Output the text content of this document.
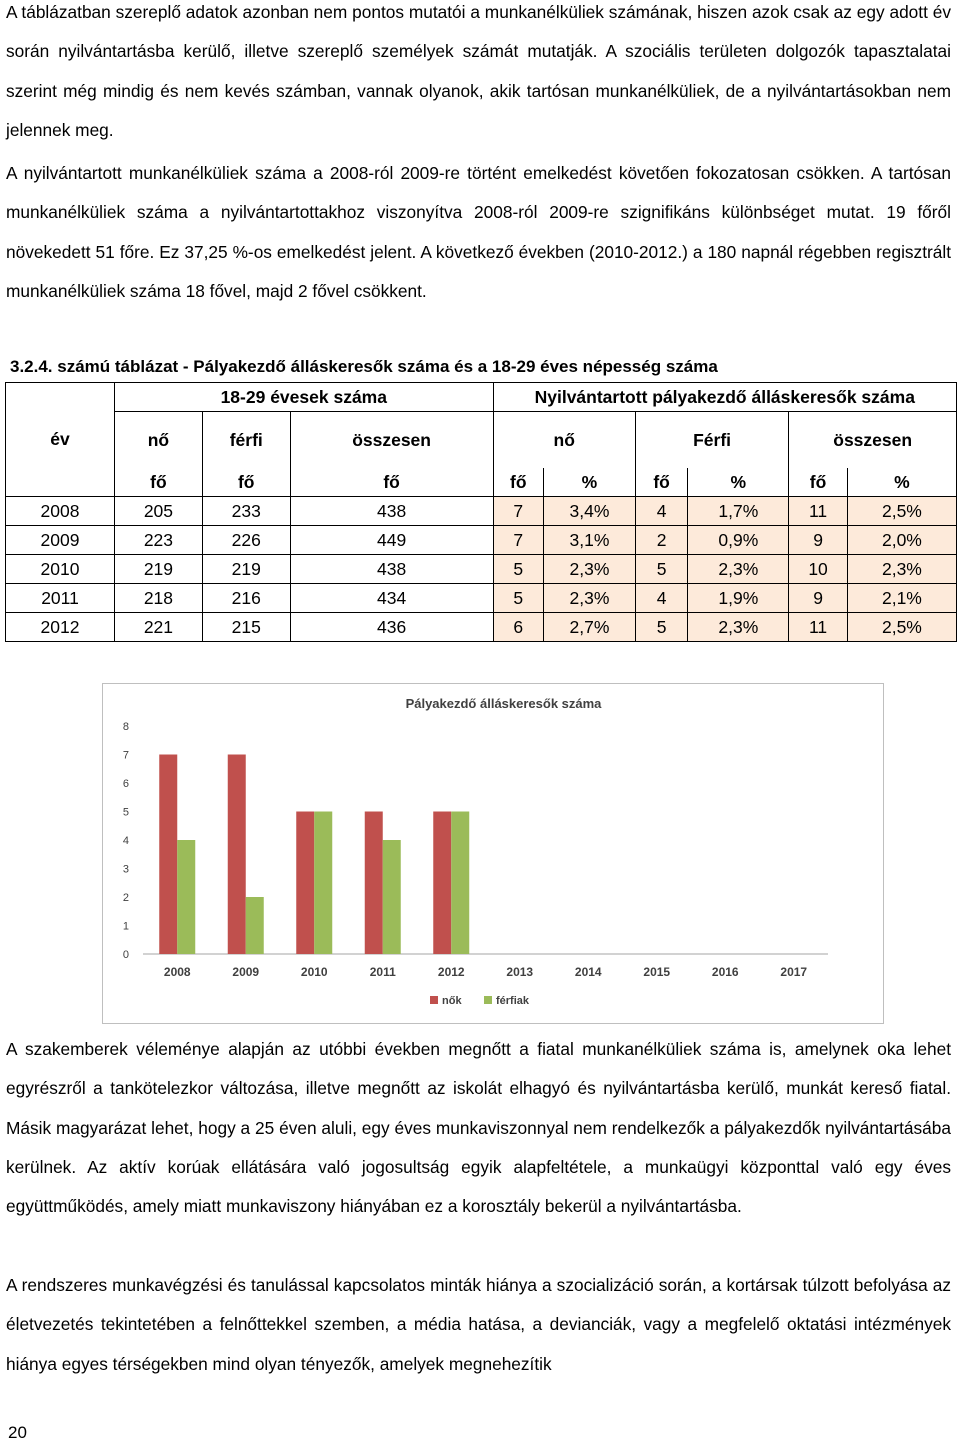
A táblázatban szereplő adatok azonban nem pontos mutatói a munkanélküliek számának, hiszen azok csak az egy adott év során nyilvántartásba kerülő, illetve szereplő személyek számát mutatják. A szociális területen dolgozók tapasztalatai szerint még mindig és nem kevés számban, vannak olyanok, akik tartósan munkanélküliek, de a nyilvántartásokban nem jelennek meg.

A nyilvántartott munkanélküliek száma a 2008-ról 2009-re történt emelkedést követően fokozatosan csökken. A tartósan munkanélküliek száma a nyilvántartottakhoz viszonyítva 2008-ról 2009-re szignifikáns különbséget mutat. 19 főről növekedett 51 főre. Ez 37,25 %-os emelkedést jelent. A következő években (2010-2012.) a 180 napnál régebben regisztrált munkanélküliek száma 18 fővel, majd 2 fővel csökkent.

3.2.4. számú táblázat - Pályakezdő álláskeresők száma és a 18-29 éves népesség száma

	18-29 évesek száma			Nyilvántartott pályakezdő álláskeresők száma					
év	nő	férfi	összesen	nő		Férfi		összesen	
	fő	fő	fő	fő	%	fő	%	fő	%
2008	205	233	438	7	3,4%	4	1,7%	11	2,5%
2009	223	226	449	7	3,1%	2	0,9%	9	2,0%
2010	219	219	438	5	2,3%	5	2,3%	10	2,3%
2011	218	216	434	5	2,3%	4	1,9%	9	2,1%
2012	221	215	436	6	2,7%	5	2,3%	11	2,5%
Pályakezdő álláskeresők száma
0
1
2
3
4
5
6
7
8
2008	2009	2010	2011	2012	2013	2014	2015	2016	2017
nők	férfiak

A szakemberek véleménye alapján az utóbbi években megnőtt a fiatal munkanélküliek száma is, amelynek oka lehet egyrészről a tankötelezkor változása, illetve megnőtt az iskolát elhagyó és nyilvántartásba kerülő, munkát kereső fiatal. Másik magyarázat lehet, hogy a 25 éven aluli, egy éves munkaviszonnyal nem rendelkezők a pályakezdők nyilvántartásába kerülnek. Az aktív korúak ellátására való jogosultság egyik alapfeltétele, a munkaügyi központtal való egy éves együttműködés, amely miatt munkaviszony hiányában ez a korosztály bekerül a nyilvántartásba.

A rendszeres munkavégzési és tanulással kapcsolatos minták hiánya a szocializáció során, a kortársak túlzott befolyása az életvezetés tekintetében a felnőttekkel szemben, a média hatása, a devianciák, vagy a megfelelő oktatási intézmények hiánya egyes térségekben mind olyan tényezők, amelyek megnehezítik

20
